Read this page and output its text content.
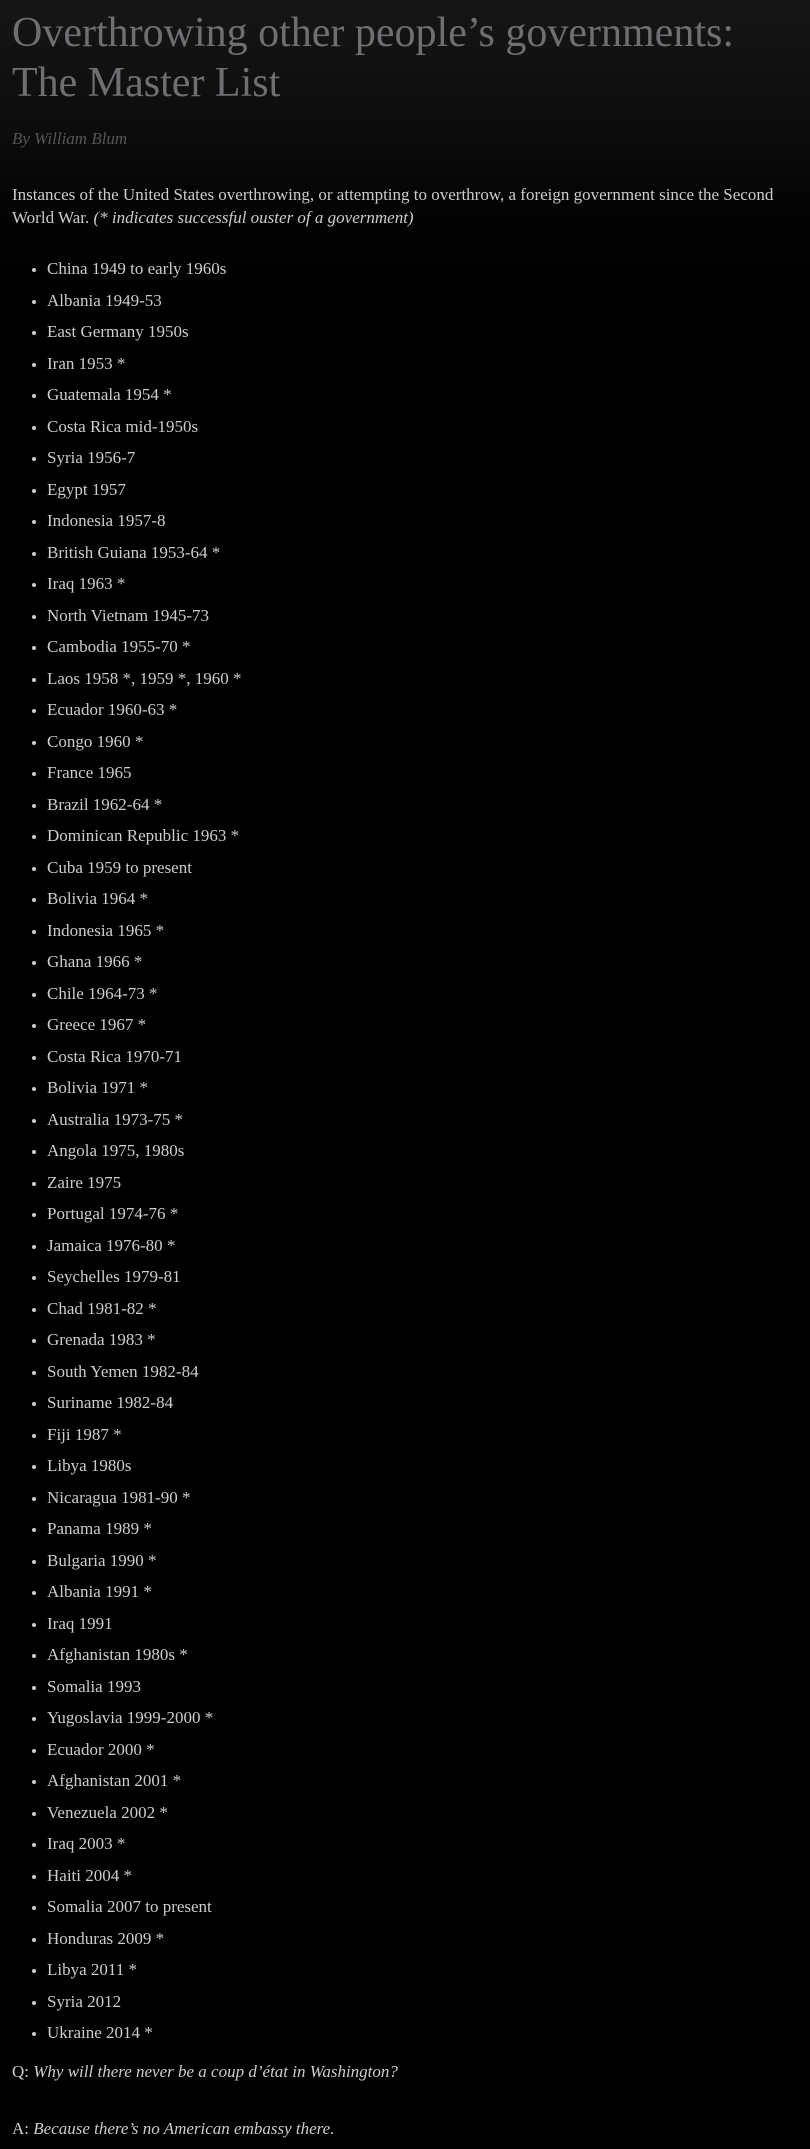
Overthrowing other people’s governments: The Master List

By William Blum

Instances of the United States overthrowing, or attempting to overthrow, a foreign government since the Second World War. (* indicates successful ouster of a government)

• China 1949 to early 1960s
• Albania 1949-53
• East Germany 1950s
• Iran 1953 *
• Guatemala 1954 *
• Costa Rica mid-1950s
• Syria 1956-7
• Egypt 1957
• Indonesia 1957-8
• British Guiana 1953-64 *
• Iraq 1963 *
• North Vietnam 1945-73
• Cambodia 1955-70 *
• Laos 1958 *, 1959 *, 1960 *
• Ecuador 1960-63 *
• Congo 1960 *
• France 1965
• Brazil 1962-64 *
• Dominican Republic 1963 *
• Cuba 1959 to present
• Bolivia 1964 *
• Indonesia 1965 *
• Ghana 1966 *
• Chile 1964-73 *
• Greece 1967 *
• Costa Rica 1970-71
• Bolivia 1971 *
• Australia 1973-75 *
• Angola 1975, 1980s
• Zaire 1975
• Portugal 1974-76 *
• Jamaica 1976-80 *
• Seychelles 1979-81
• Chad 1981-82 *
• Grenada 1983 *
• South Yemen 1982-84
• Suriname 1982-84
• Fiji 1987 *
• Libya 1980s
• Nicaragua 1981-90 *
• Panama 1989 *
• Bulgaria 1990 *
• Albania 1991 *
• Iraq 1991
• Afghanistan 1980s *
• Somalia 1993
• Yugoslavia 1999-2000 *
• Ecuador 2000 *
• Afghanistan 2001 *
• Venezuela 2002 *
• Iraq 2003 *
• Haiti 2004 *
• Somalia 2007 to present
• Honduras 2009 *
• Libya 2011 *
• Syria 2012
• Ukraine 2014 *

Q: Why will there never be a coup d’état in Washington?

A: Because there’s no American embassy there.
